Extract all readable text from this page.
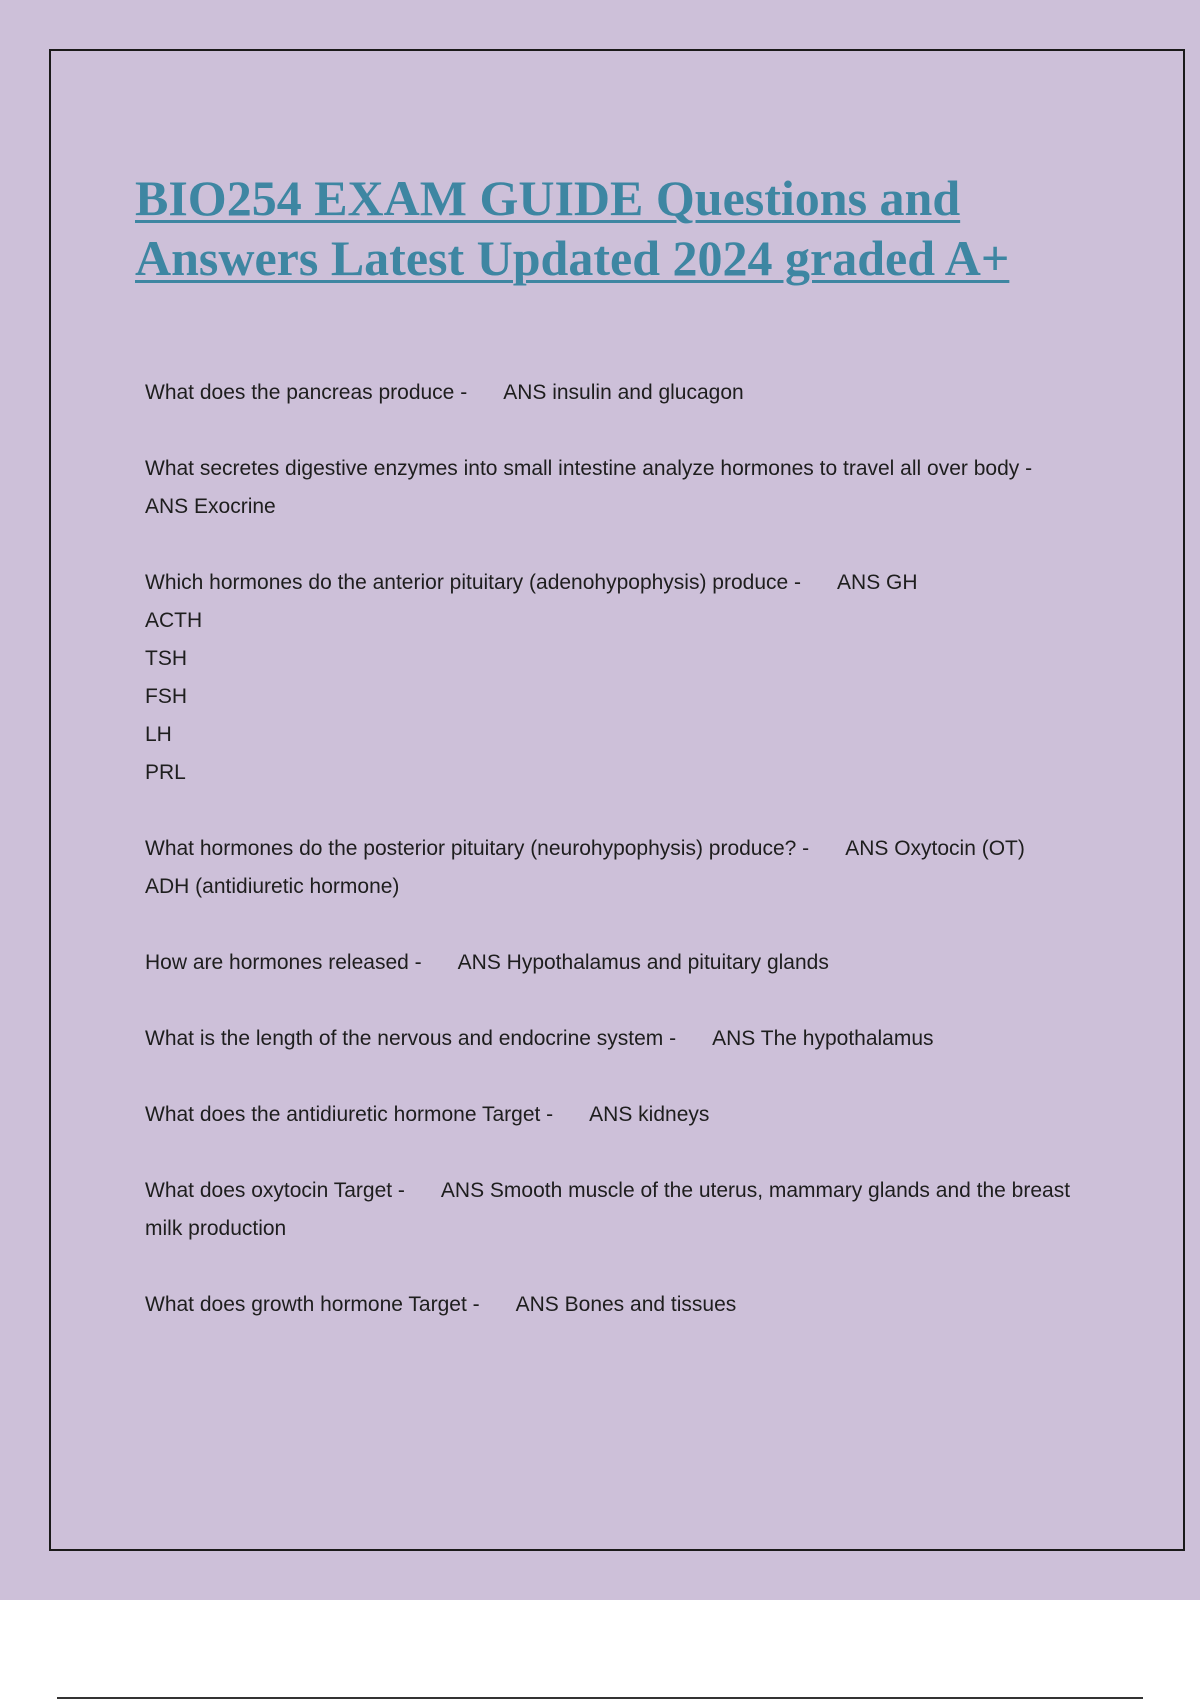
BIO254 EXAM GUIDE Questions and
Answers Latest Updated 2024 graded A+
What does the pancreas produce - ANS insulin and glucagon
What secretes digestive enzymes into small intestine analyze hormones to travel all over body -
ANS Exocrine
Which hormones do the anterior pituitary (adenohypophysis) produce - ANS GH
ACTH
TSH
FSH
LH
PRL
What hormones do the posterior pituitary (neurohypophysis) produce? - ANS Oxytocin (OT)
ADH (antidiuretic hormone)
How are hormones released - ANS Hypothalamus and pituitary glands
What is the length of the nervous and endocrine system - ANS The hypothalamus
What does the antidiuretic hormone Target - ANS kidneys
What does oxytocin Target - ANS Smooth muscle of the uterus, mammary glands and the breast milk production
What does growth hormone Target - ANS Bones and tissues
